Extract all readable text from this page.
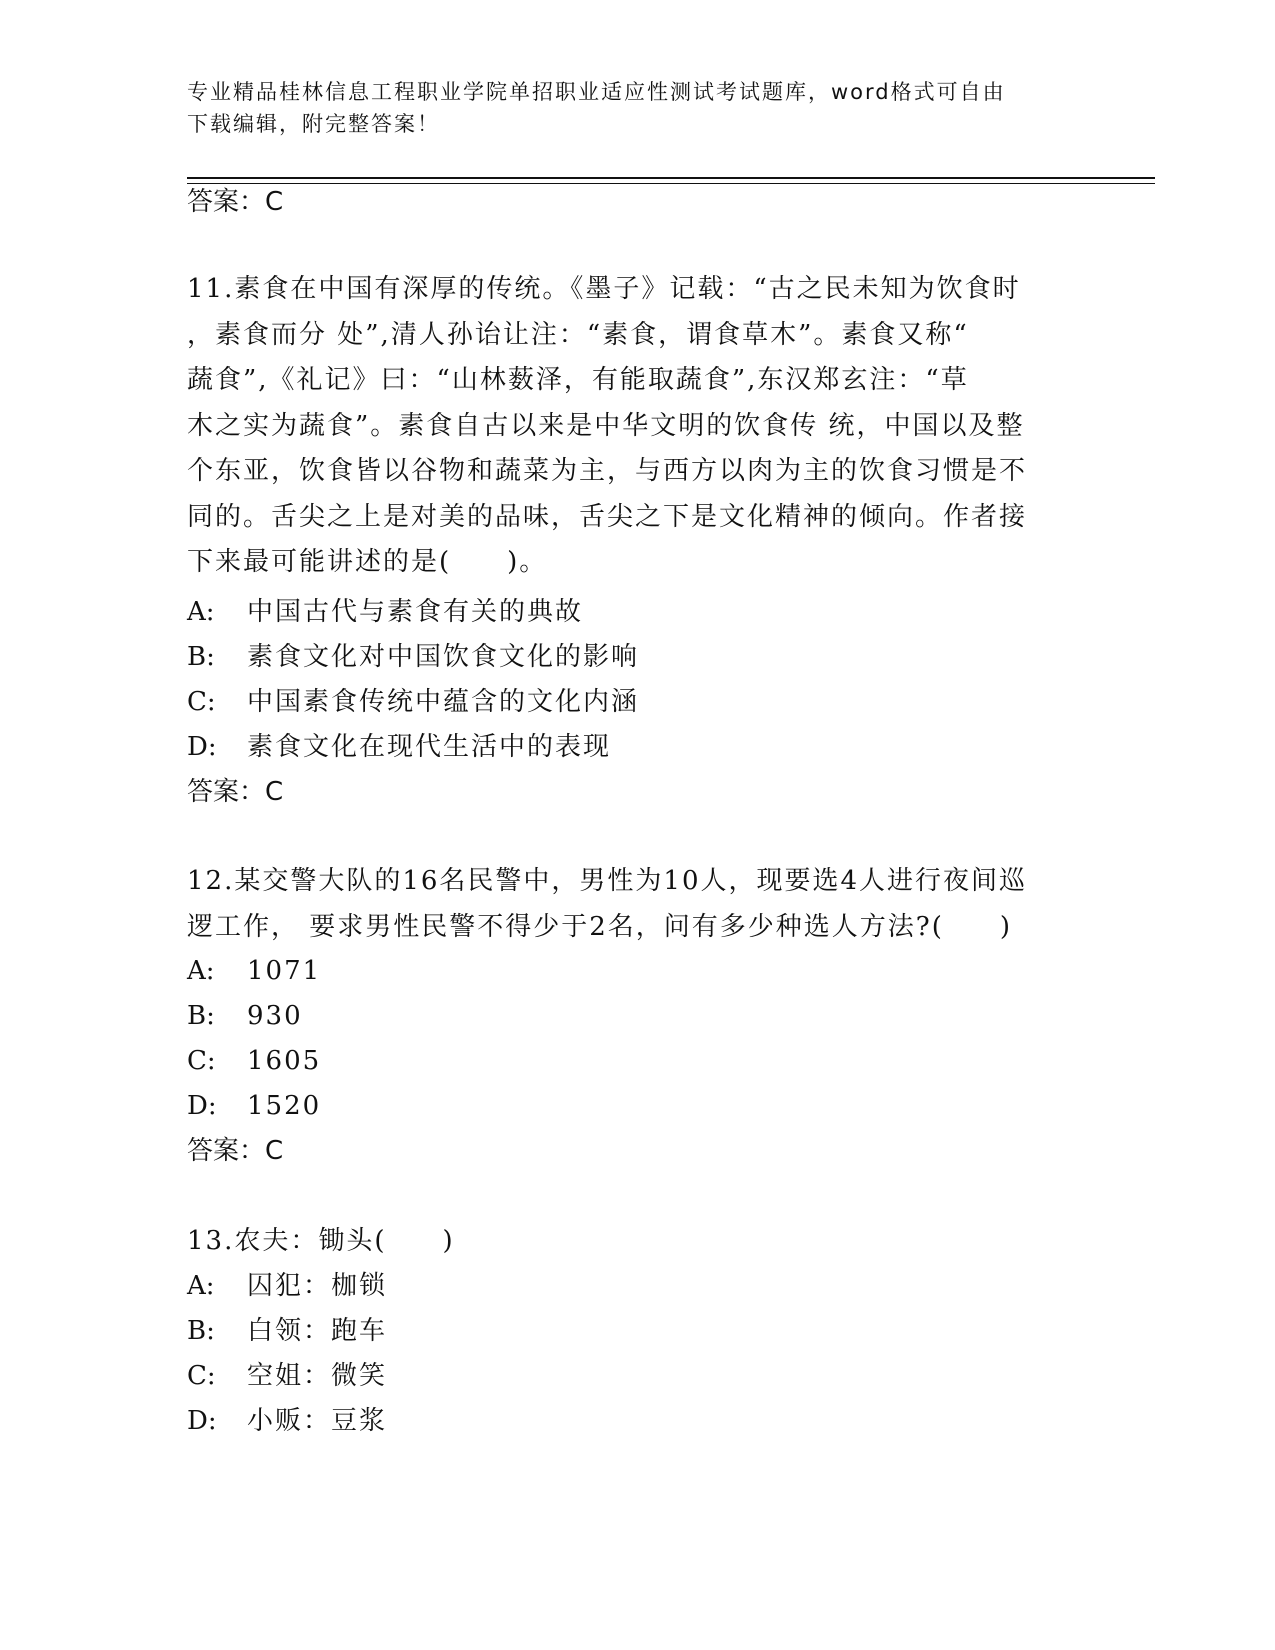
专业精品桂林信息工程职业学院单招职业适应性测试考试题库，word格式可自由
下载编辑，附完整答案！
答案：C
11.素食在中国有深厚的传统。《墨子》记载：“古之民未知为饮食时
，素食而分 处”,清人孙诒让注：“素食，谓食草木”。素食又称“
蔬食”,《礼记》曰：“山林薮泽，有能取蔬食”,东汉郑玄注：“草
木之实为蔬食”。素食自古以来是中华文明的饮食传 统，中国以及整
个东亚，饮食皆以谷物和蔬菜为主，与西方以肉为主的饮食习惯是不
同的。舌尖之上是对美的品味，舌尖之下是文化精神的倾向。作者接
下来最可能讲述的是(　　)。
A: 中国古代与素食有关的典故
B: 素食文化对中国饮食文化的影响
C: 中国素食传统中蕴含的文化内涵
D: 素食文化在现代生活中的表现
答案：C
12.某交警大队的16名民警中，男性为10人，现要选4人进行夜间巡
逻工作， 要求男性民警不得少于2名，问有多少种选人方法?(　　)
A: 1071
B: 930
C: 1605
D: 1520
答案：C
13.农夫：锄头(　　)
A: 囚犯：枷锁
B: 白领：跑车
C: 空姐：微笑
D: 小贩：豆浆
